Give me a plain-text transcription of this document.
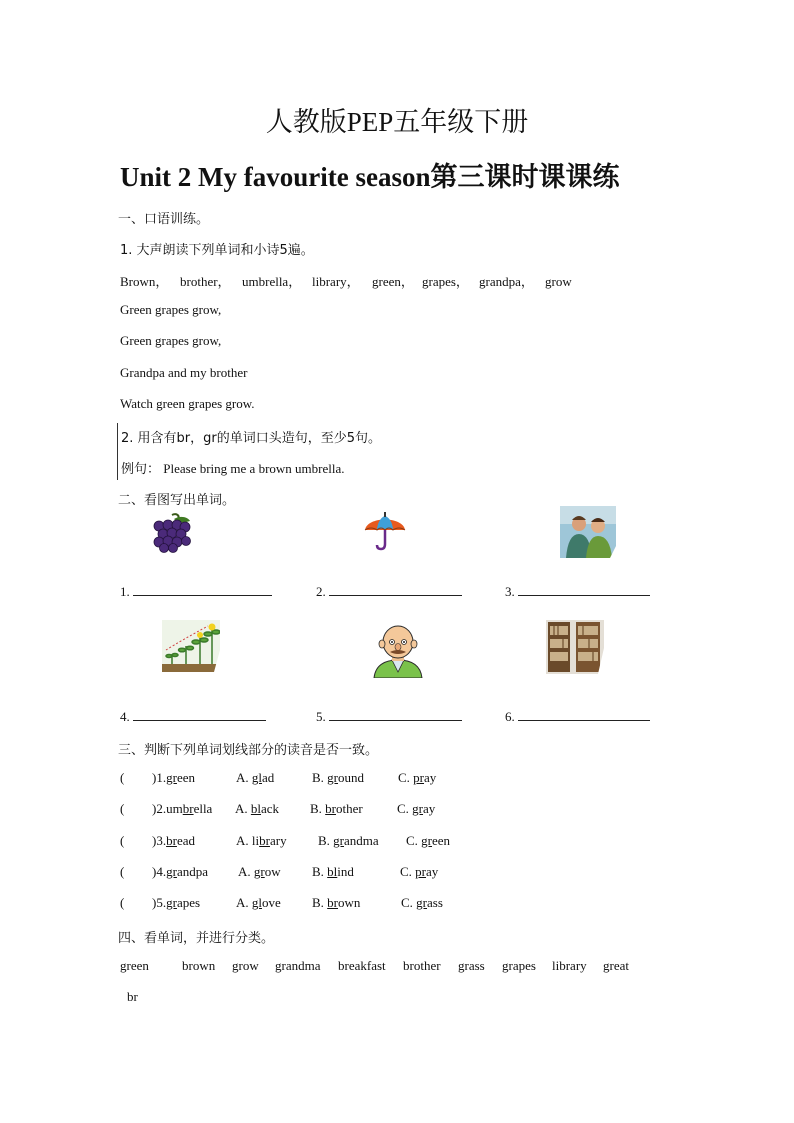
人教版PEP五年级下册
Unit 2 My favourite season第三课时课课练
一、口语训练。
1. 大声朗读下列单词和小诗5遍。
Brown， brother， umbrella， library， green， grapes， grandpa， grow
Green grapes grow,
Green grapes grow,
Grandpa and my brother
Watch green grapes grow.
2. 用含有br，gr的单词口头造句，至少5句。
例句： Please bring me a brown umbrella.
二、看图写出单词。
1.	2.	3.
4.	5.	6.
三、判断下列单词划线部分的读音是否一致。
( )1.green	A. glad	B. ground	C. pray
( )2.umbrella A. black B. brother	C. gray
( )3.bread	A. library B. grandma C. green
( )4.grandpa A. grow B. blind	C. pray
( )5.grapes	A. glove B. brown	C. grass
四、看单词，并进行分类。
green	brown grow grandma breakfast brother grass grapes library great
br
